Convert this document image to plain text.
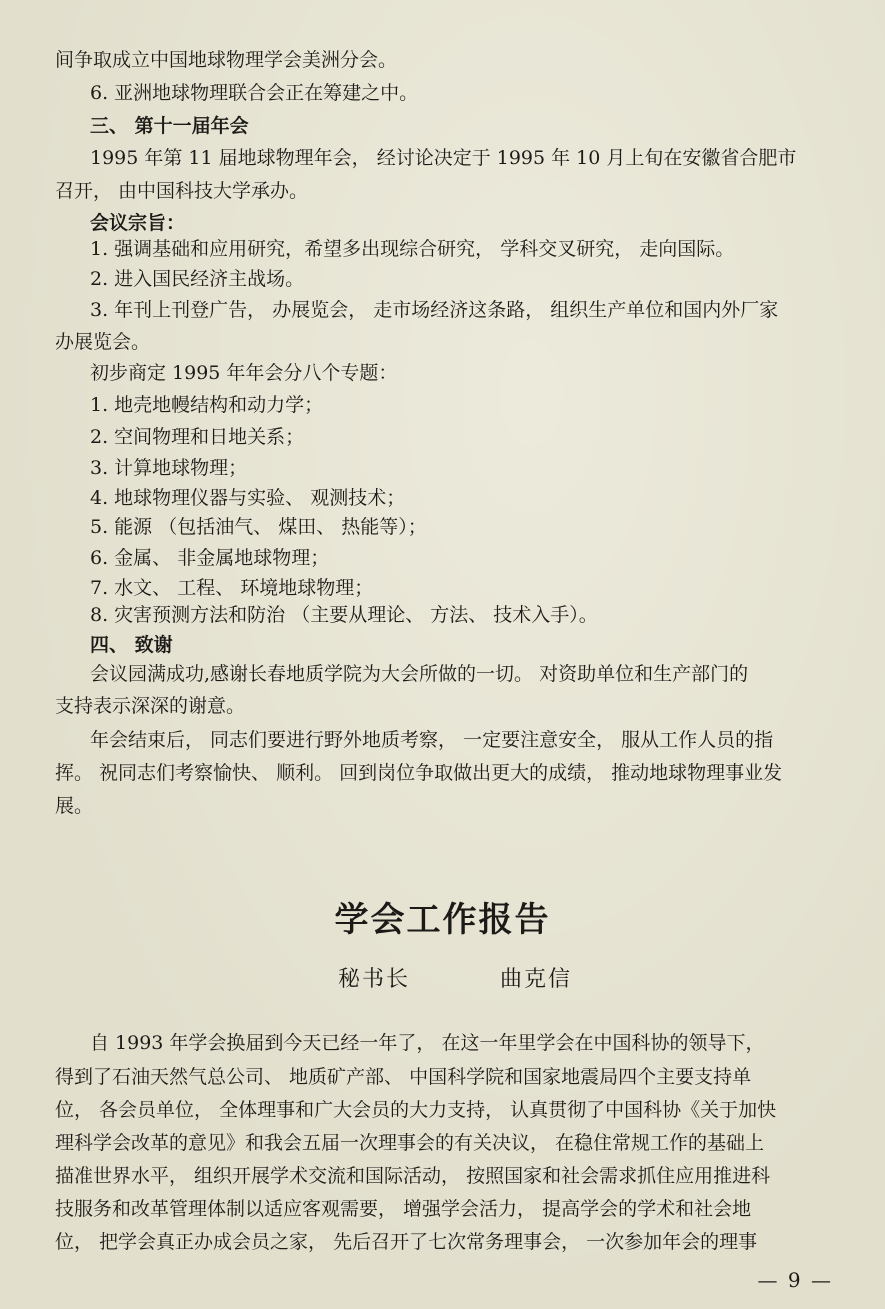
间争取成立中国地球物理学会美洲分会。
6. 亚洲地球物理联合会正在筹建之中。
三、 第十一届年会
1995 年第 11 届地球物理年会， 经讨论决定于 1995 年 10 月上旬在安徽省合肥市
召开， 由中国科技大学承办。
会议宗旨：
1. 强调基础和应用研究，希望多出现综合研究， 学科交叉研究， 走向国际。
2. 进入国民经济主战场。
3. 年刊上刊登广告， 办展览会， 走市场经济这条路， 组织生产单位和国内外厂家
办展览会。
初步商定 1995 年年会分八个专题：
1. 地壳地幔结构和动力学；
2. 空间物理和日地关系；
3. 计算地球物理；
4. 地球物理仪器与实验、 观测技术；
5. 能源 （包括油气、 煤田、 热能等）；
6. 金属、 非金属地球物理；
7. 水文、 工程、 环境地球物理；
8. 灾害预测方法和防治 （主要从理论、 方法、 技术入手）。
四、 致谢
会议园满成功,感谢长春地质学院为大会所做的一切。 对资助单位和生产部门的
支持表示深深的谢意。
年会结束后， 同志们要进行野外地质考察， 一定要注意安全， 服从工作人员的指
挥。 祝同志们考察愉快、 顺利。 回到岗位争取做出更大的成绩， 推动地球物理事业发
展。
学会工作报告
秘书长	曲克信
自 1993 年学会换届到今天已经一年了， 在这一年里学会在中国科协的领导下，
得到了石油天然气总公司、 地质矿产部、 中国科学院和国家地震局四个主要支持单
位， 各会员单位， 全体理事和广大会员的大力支持， 认真贯彻了中国科协《关于加快
理科学会改革的意见》和我会五届一次理事会的有关决议， 在稳住常规工作的基础上
描准世界水平， 组织开展学术交流和国际活动， 按照国家和社会需求抓住应用推进科
技服务和改革管理体制以适应客观需要， 增强学会活力， 提高学会的学术和社会地
位， 把学会真正办成会员之家， 先后召开了七次常务理事会， 一次参加年会的理事
— 9 —
